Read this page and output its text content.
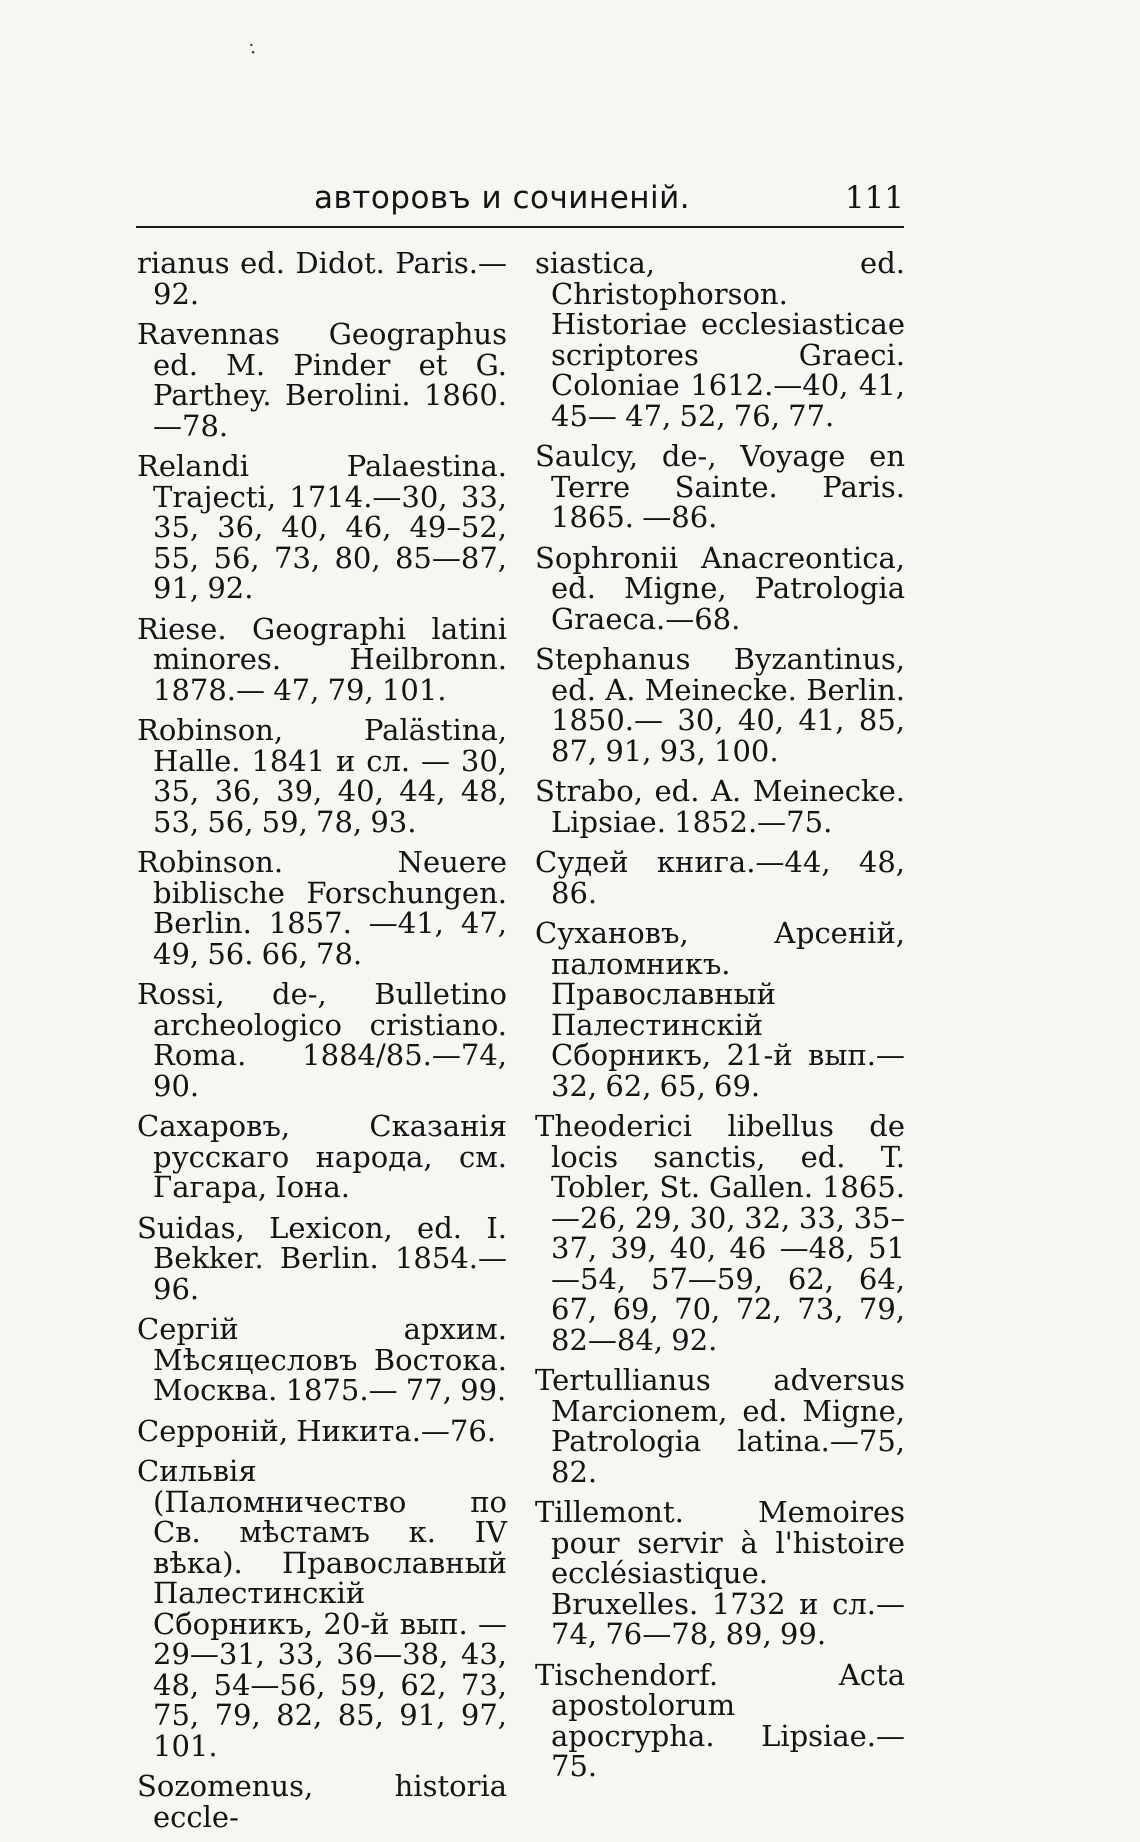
·̇
авторовъ и сочиненій.	111
rianus ed. Didot. Paris.— 92.
Ravennas Geographus ed. M. Pinder et G. Parthey. Berolini. 1860.—78.
Relandi Palaestina. Trajecti, 1714.—30, 33, 35, 36, 40, 46, 49–52, 55, 56, 73, 80, 85—87, 91, 92.
Riese. Geographi latini minores. Heilbronn. 1878.— 47, 79, 101.
Robinson, Palästina, Halle. 1841 и сл. — 30, 35, 36, 39, 40, 44, 48, 53, 56, 59, 78, 93.
Robinson. Neuere biblische Forschungen. Berlin. 1857. —41, 47, 49, 56. 66, 78.
Rossi, de-, Bulletino archeologico cristiano. Roma. 1884/85.—74, 90.
Сахаровъ, Сказанія русскаго народа, см. Гагара, Іона.
Suidas, Lexicon, ed. I. Bekker. Berlin. 1854.—96.
Сергій архим. Мѣсяцесловъ Востока. Москва. 1875.— 77, 99.
Серроній, Никита.—76.
Сильвія (Паломничество по Св. мѣстамъ к. IV вѣка). Православный Палестинскій Сборникъ, 20-й вып. —29—31, 33, 36—38, 43, 48, 54—56, 59, 62, 73, 75, 79, 82, 85, 91, 97, 101.
Sozomenus, historia eccle-
siastica, ed. Christophorson. Historiae ecclesiasticae scriptores Graeci. Coloniae 1612.—40, 41, 45— 47, 52, 76, 77.
Saulcy, de-, Voyage en Terre Sainte. Paris. 1865. —86.
Sophronii Anacreontica, ed. Migne, Patrologia Graeca.—68.
Stephanus Byzantinus, ed. A. Meinecke. Berlin. 1850.— 30, 40, 41, 85, 87, 91, 93, 100.
Strabo, ed. A. Meinecke. Lipsiae. 1852.—75.
Судей книга.—44, 48, 86.
Сухановъ, Арсеній, паломникъ. Православный Палестинскій Сборникъ, 21-й вып.—32, 62, 65, 69.
Theoderici libellus de locis sanctis, ed. T. Tobler, St. Gallen. 1865.—26, 29, 30, 32, 33, 35–37, 39, 40, 46 —48, 51—54, 57—59, 62, 64, 67, 69, 70, 72, 73, 79, 82—84, 92.
Tertullianus adversus Marcionem, ed. Migne, Patrologia latina.—75, 82.
Tillemont. Memoires pour servir à l'histoire ecclésiastique. Bruxelles. 1732 и сл.—74, 76—78, 89, 99.
Tischendorf. Acta apostolorum apocrypha. Lipsiae.— 75.
